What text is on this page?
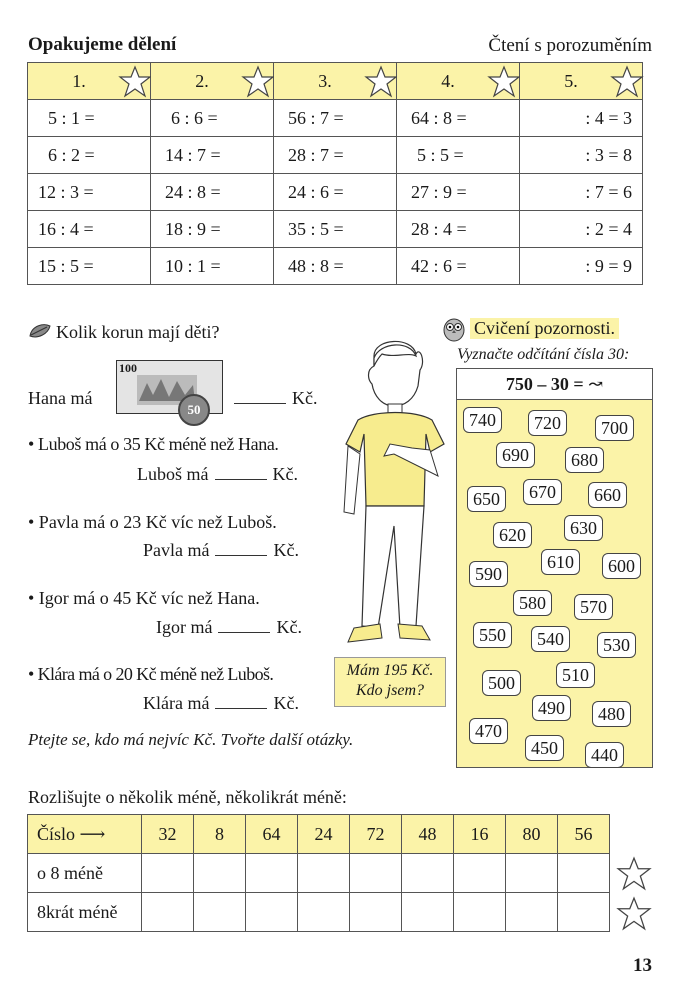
Opakujeme dělení	Čtení s porozuměním
1.	2.	3.	4.	5.

5 : 1 =	6 : 6 =	56 : 7 =	64 : 8 =	: 4 = 3
6 : 2 =	14 : 7 =	28 : 7 =	5 : 5 =	: 3 = 8
12 : 3 =	24 : 8 =	24 : 6 =	27 : 9 =	: 7 = 6
16 : 4 =	18 : 9 =	35 : 5 =	28 : 4 =	: 2 = 4
15 : 5 =	10 : 1 =	48 : 8 =	42 : 6 =	: 9 = 9
Kolik korun mají děti?
Hana má
100
50
Kč.
• Luboš má o 35 Kč méně než Hana.
Luboš má	Kč.
• Pavla má o 23 Kč víc než Luboš.
Pavla má	Kč.
• Igor má o 45 Kč víc než Hana.
Igor má	Kč.
• Klára má o 20 Kč méně než Luboš.
Klára má	Kč.
Ptejte se, kdo má nejvíc Kč. Tvořte další otázky.
Mám 195 Kč.
Kdo jsem?
Cvičení pozornosti.
Vyznačte odčítání čísla 30:
750 – 30 = ↝
740	720	700
690	680
650	670	660
620	630
590
610	600
580	570
550	540	530
500	510
490	480
470
450	440
Rozlišujte o několik méně, několikrát méně:
Číslo ⟶	32	8	64	24	72	48	16	80	56
o 8 méně									
8krát méně									
13
